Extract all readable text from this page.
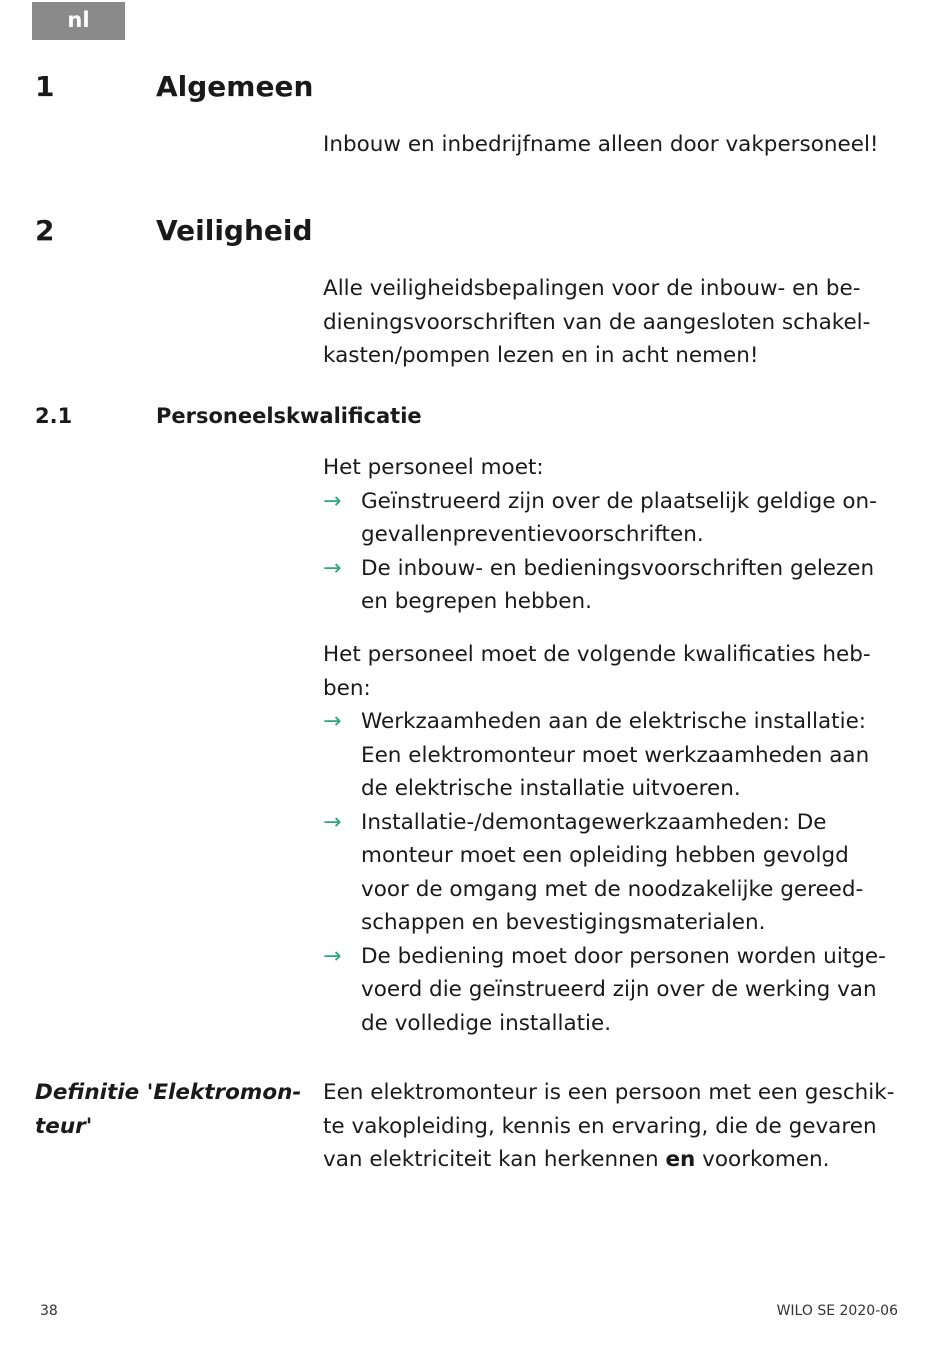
nl
1	Algemeen

Inbouw en inbedrijfname alleen door vakpersoneel!

2	Veiligheid

Alle veiligheidsbepalingen voor de inbouw- en be-

dieningsvoorschriften van de aangesloten schakel-

kasten/pompen lezen en in acht nemen!

2.1	Personeelskwalificatie

Het personeel moet:

→ Geïnstrueerd zijn over de plaatselijk geldige on-

gevallenpreventievoorschriften.

→ De inbouw- en bedieningsvoorschriften gelezen

en begrepen hebben.

Het personeel moet de volgende kwalificaties heb-

ben:

→ Werkzaamheden aan de elektrische installatie:

Een elektromonteur moet werkzaamheden aan

de elektrische installatie uitvoeren.

→ Installatie-/demontagewerkzaamheden: De

monteur moet een opleiding hebben gevolgd

voor de omgang met de noodzakelijke gereed-

schappen en bevestigingsmaterialen.

→ De bediening moet door personen worden uitge-

voerd die geïnstrueerd zijn over de werking van

de volledige installatie.

Definitie 'Elektromon-
teur'

Een elektromonteur is een persoon met een geschik-

te vakopleiding, kennis en ervaring, die de gevaren

van elektriciteit kan herkennen en voorkomen.

38	WILO SE 2020-06
